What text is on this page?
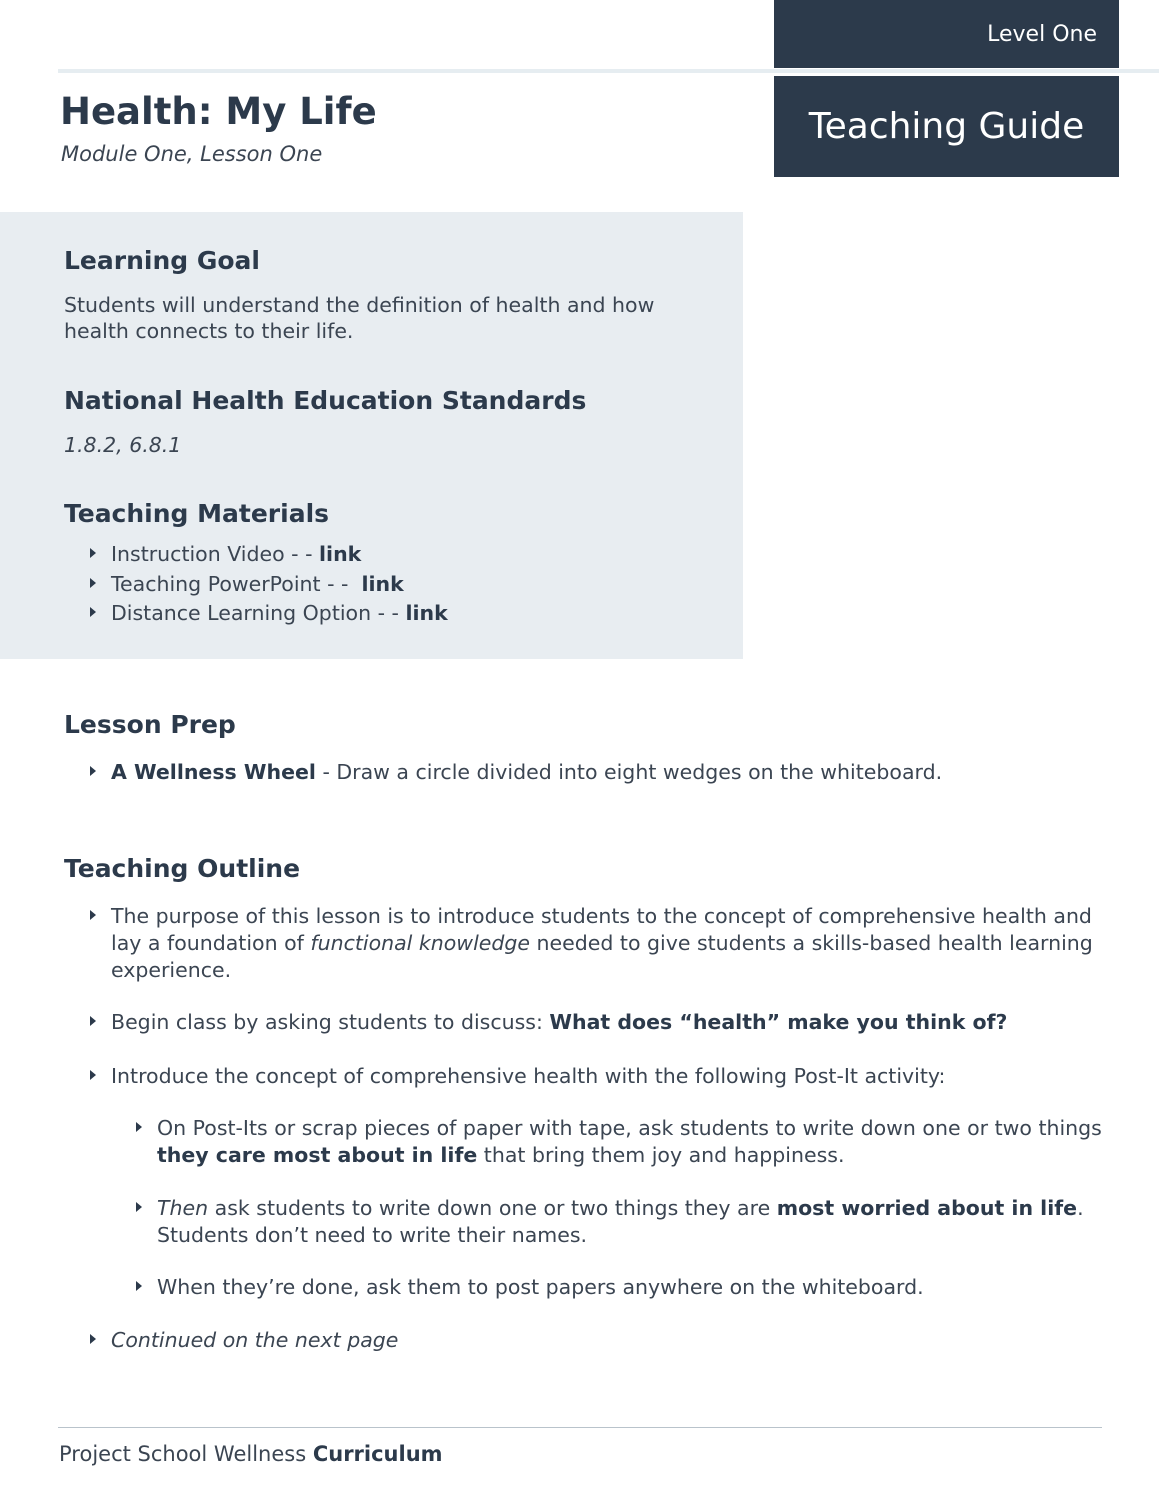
Level One
Teaching Guide
Health: My Life
Module One, Lesson One
Learning Goal
Students will understand the definition of health and how health connects to their life.
National Health Education Standards
1.8.2, 6.8.1
Teaching Materials
Instruction Video - - link
Teaching PowerPoint - -  link
Distance Learning Option - - link
Lesson Prep
A Wellness Wheel - Draw a circle divided into eight wedges on the whiteboard.
Teaching Outline
The purpose of this lesson is to introduce students to the concept of comprehensive health and lay a foundation of functional knowledge needed to give students a skills-based health learning experience.
Begin class by asking students to discuss: What does “health” make you think of?
Introduce the concept of comprehensive health with the following Post-It activity:
On Post-Its or scrap pieces of paper with tape, ask students to write down one or two things they care most about in life that bring them joy and happiness.
Then ask students to write down one or two things they are most worried about in life. Students don’t need to write their names.
When they’re done, ask them to post papers anywhere on the whiteboard.
Continued on the next page
Project School Wellness Curriculum
